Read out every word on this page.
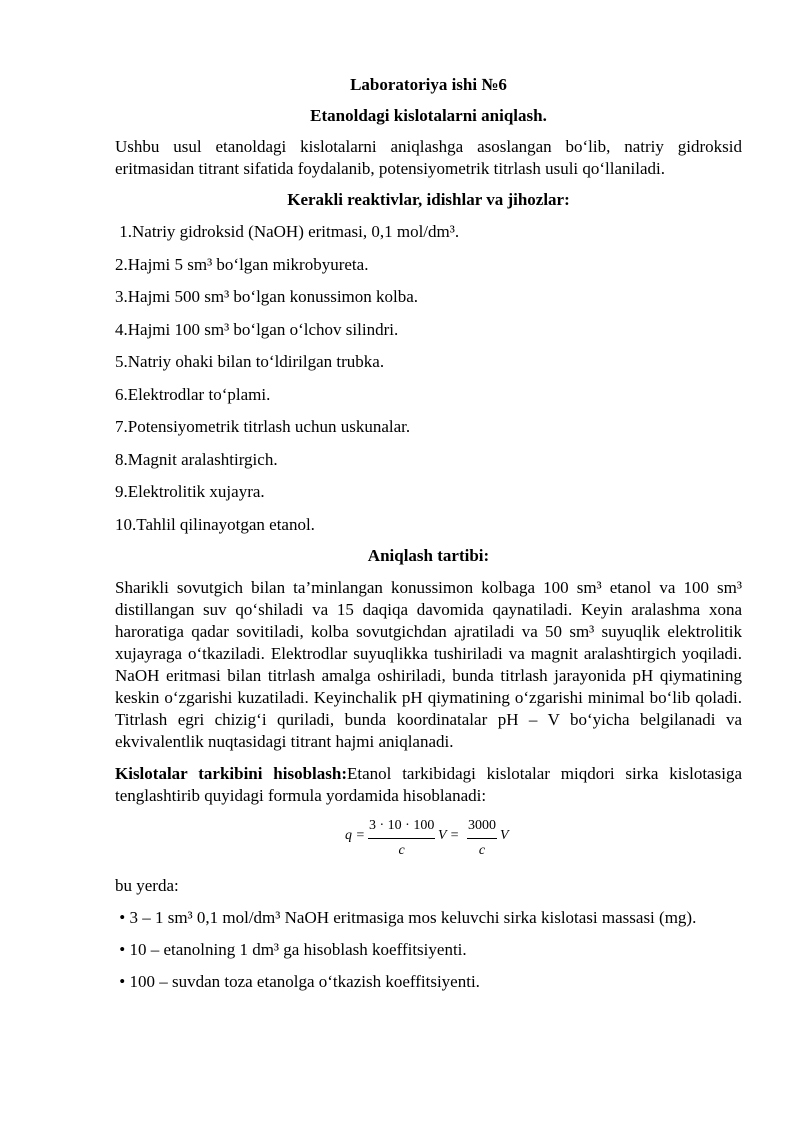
Laboratoriya ishi №6
Etanoldagi kislotalarni aniqlash.

Ushbu usul etanoldagi kislotalarni aniqlashga asoslangan bo‘lib, natriy gidroksid eritmasidan titrant sifatida foydalanib, potensiyometrik titrlash usuli qo‘llaniladi.

Kerakli reaktivlar, idishlar va jihozlar:
1.Natriy gidroksid (NaOH) eritmasi, 0,1 mol/dm³.
2.Hajmi 5 sm³ bo‘lgan mikrobyureta.
3.Hajmi 500 sm³ bo‘lgan konussimon kolba.
4.Hajmi 100 sm³ bo‘lgan o‘lchov silindri.
5.Natriy ohaki bilan to‘ldirilgan trubka.
6.Elektrodlar to‘plami.
7.Potensiyometrik titrlash uchun uskunalar.
8.Magnit aralashtirgich.
9.Elektrolitik xujayra.
10.Tahlil qilinayotgan etanol.
Aniqlash tartibi:

Sharikli sovutgich bilan ta’minlangan konussimon kolbaga 100 sm³ etanol va 100 sm³ distillangan suv qo‘shiladi va 15 daqiqa davomida qaynatiladi. Keyin aralashma xona haroratiga qadar sovitiladi, kolba sovutgichdan ajratiladi va 50 sm³ suyuqlik elektrolitik xujayraga o‘tkaziladi. Elektrodlar suyuqlikka tushiriladi va magnit aralashtirgich yoqiladi. NaOH eritmasi bilan titrlash amalga oshiriladi, bunda titrlash jarayonida pH qiymatining keskin o‘zgarishi kuzatiladi. Keyinchalik pH qiymatining o‘zgarishi minimal bo‘lib qoladi. Titrlash egri chizig‘i quriladi, bunda koordinatalar pH – V bo‘yicha belgilanadi va ekvivalentlik nuqtasidagi titrant hajmi aniqlanadi.

Kislotalar tarkibini hisoblash:Etanol tarkibidagi kislotalar miqdori sirka kislotasiga tenglashtirib quyidagi formula yordamida hisoblanadi:

$q = \frac{3 \cdot 10 \cdot 100}{c}$ $V = \frac{3000}{c}$ V

bu yerda:

• 3 – 1 sm³ 0,1 mol/dm³ NaOH eritmasiga mos keluvchi sirka kislotasi massasi (mg).

• 10 – etanolning 1 dm³ ga hisoblash koeffitsiyenti.

• 100 – suvdan toza etanolga o‘tkazish koeffitsiyenti.
